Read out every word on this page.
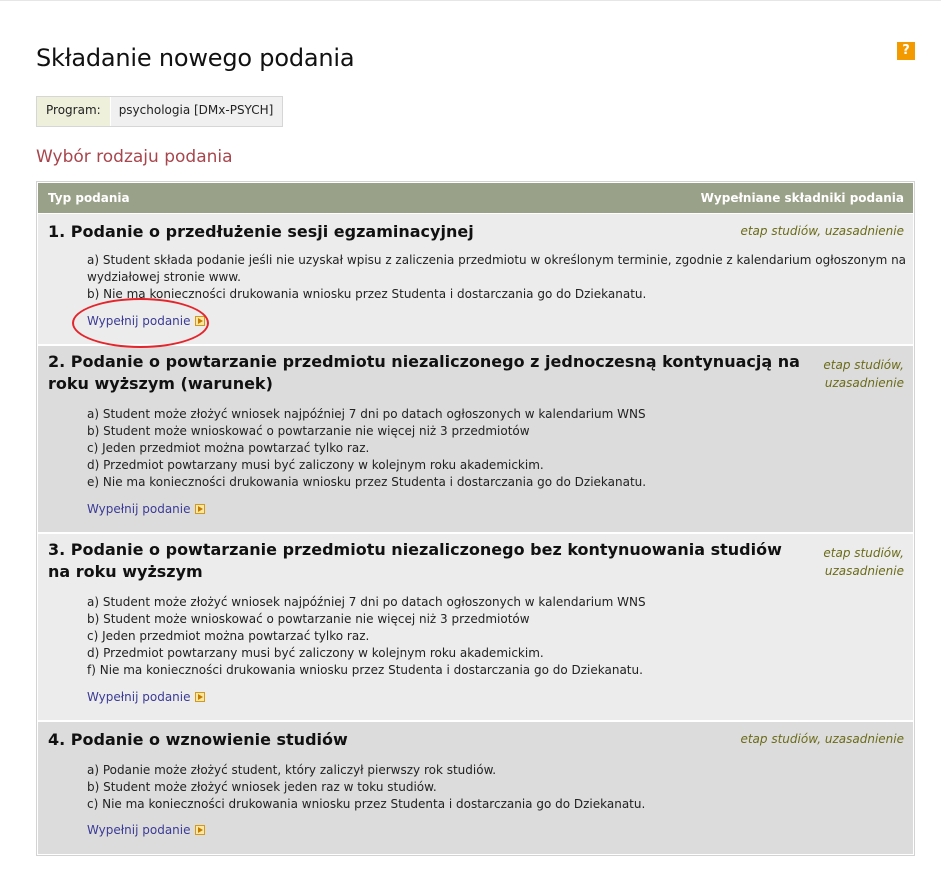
Składanie nowego podania	?
Program:	psychologia [DMx-PSYCH]
Wybór rodzaju podania
Typ podania	Wypełniane składniki podania
1. Podanie o przedłużenie sesji egzaminacyjnej	etap studiów, uzasadnienie
a) Student składa podanie jeśli nie uzyskał wpisu z zaliczenia przedmiotu w określonym terminie, zgodnie z kalendarium ogłoszonym na
wydziałowej stronie www.
b) Nie ma konieczności drukowania wniosku przez Studenta i dostarczania go do Dziekanatu.
Wypełnij podanie
2. Podanie o powtarzanie przedmiotu niezaliczonego z jednoczesną kontynuacją na
roku wyższym (warunek)
etap studiów,
uzasadnienie
a) Student może złożyć wniosek najpóźniej 7 dni po datach ogłoszonych w kalendarium WNS
b) Student może wnioskować o powtarzanie nie więcej niż 3 przedmiotów
c) Jeden przedmiot można powtarzać tylko raz.
d) Przedmiot powtarzany musi być zaliczony w kolejnym roku akademickim.
e) Nie ma konieczności drukowania wniosku przez Studenta i dostarczania go do Dziekanatu.
Wypełnij podanie
3. Podanie o powtarzanie przedmiotu niezaliczonego bez kontynuowania studiów
na roku wyższym
etap studiów,
uzasadnienie
a) Student może złożyć wniosek najpóźniej 7 dni po datach ogłoszonych w kalendarium WNS
b) Student może wnioskować o powtarzanie nie więcej niż 3 przedmiotów
c) Jeden przedmiot można powtarzać tylko raz.
d) Przedmiot powtarzany musi być zaliczony w kolejnym roku akademickim.
f) Nie ma konieczności drukowania wniosku przez Studenta i dostarczania go do Dziekanatu.
Wypełnij podanie
4. Podanie o wznowienie studiów	etap studiów, uzasadnienie
a) Podanie może złożyć student, który zaliczył pierwszy rok studiów.
b) Student może złożyć wniosek jeden raz w toku studiów.
c) Nie ma konieczności drukowania wniosku przez Studenta i dostarczania go do Dziekanatu.
Wypełnij podanie
